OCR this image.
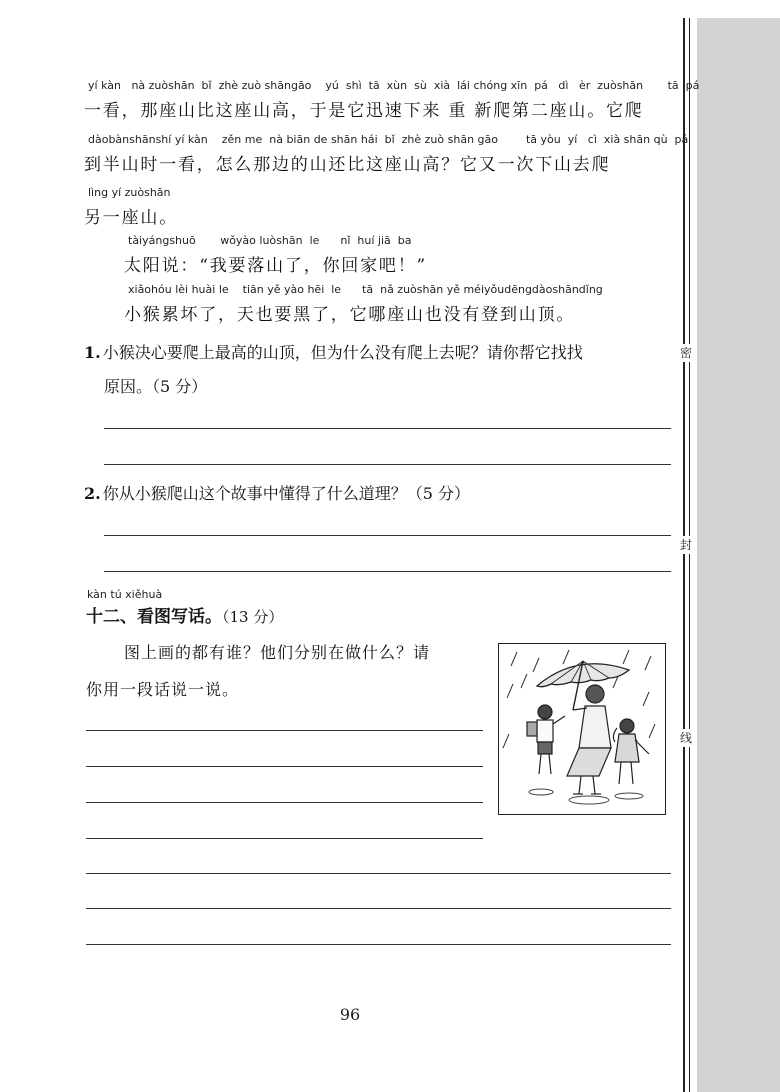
密
封
线
yí kàn   nà zuòshān  bǐ  zhè zuò shāngāo    yú  shì  tā  xùn  sù  xià  lái chóng xīn  pá   dì   èr  zuòshān       tā  pá
一看，那座山比这座山高，于是它迅速下来 重 新爬第二座山。它爬
dàobànshānshí yí kàn    zěn me  nà biān de shān hái  bǐ  zhè zuò shān gāo        tā yòu  yí   cì  xià shān qù  pá
到半山时一看，怎么那边的山还比这座山高？它又一次下山去爬
lìng yí zuòshān
另一座山。
tàiyángshuō       wǒyào luòshān  le      nǐ  huí jiā  ba
太阳说：“我要落山了，你回家吧！”
xiǎohóu lèi huài le    tiān yě yào hēi  le      tā  nǎ zuòshān yě méiyǒudēngdàoshāndǐng
小猴累坏了，天也要黑了，它哪座山也没有登到山顶。
1. 小猴决心要爬上最高的山顶，但为什么没有爬上去呢？请你帮它找找
原因。（5 分）
2. 你从小猴爬山这个故事中懂得了什么道理？（5 分）
kàn tú xiěhuà
十二、看图写话。（13 分）
图上画的都有谁？他们分别在做什么？请
你用一段话说一说。
96
